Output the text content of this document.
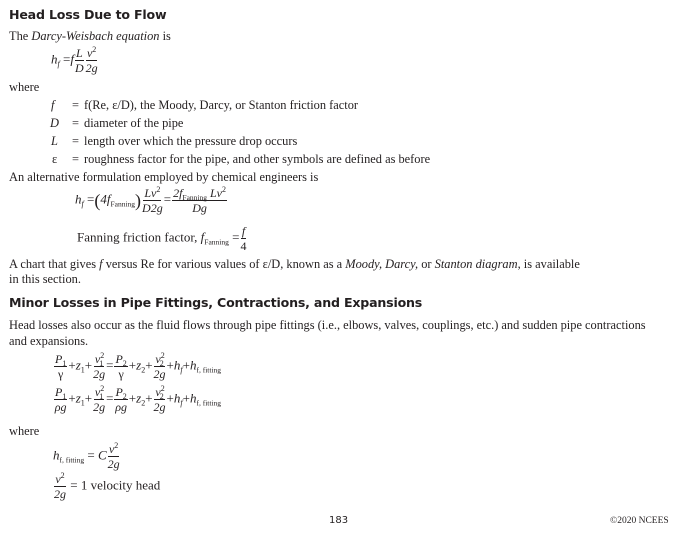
Head Loss Due to Flow
The Darcy-Weisbach equation is
$h_f =f \frac{L}{D} \frac{v^2}{2g}$
where
f	= f(Re, ε/D), the Moody, Darcy, or Stanton friction factor
D	= diameter of the pipe
L	= length over which the pressure drop occurs
ε	= roughness factor for the pipe, and other symbols are defined as before
An alternative formulation employed by chemical engineers is
$h_f =(4f_{Fanning}) \frac{Lv^2}{D2g} = \frac{2f_{Fanning} Lv^2}{Dg}$
Fanning friction factor, $f_{Fanning} = \frac{f}{4}$
A chart that gives f versus Re for various values of ε/D, known as a Moody, Darcy, or Stanton diagram, is available
in this section.
Minor Losses in Pipe Fittings, Contractions, and Expansions
Head losses also occur as the fluid flows through pipe fittings (i.e., elbows, valves, couplings, etc.) and sudden pipe contractions
and expansions.
$\frac{P_1}{\gamma} +z_1+ \frac{v^2_1}{2g} = \frac{P_2}{\gamma} +z_2+ \frac{v^2_2}{2g} +h_f+h_{f, fitting}$
$\frac{P_1}{\rho g} +z_1+ \frac{v^2_1}{2g} = \frac{P_2}{\rho g} +z_2+ \frac{v^2_2}{2g} +h_f+h_{f, fitting}$
where
$h_{f, fitting} = C \frac{v^2}{2g}$
$\frac{v^2}{2g} = 1$ velocity head
183	©2020 NCEES
